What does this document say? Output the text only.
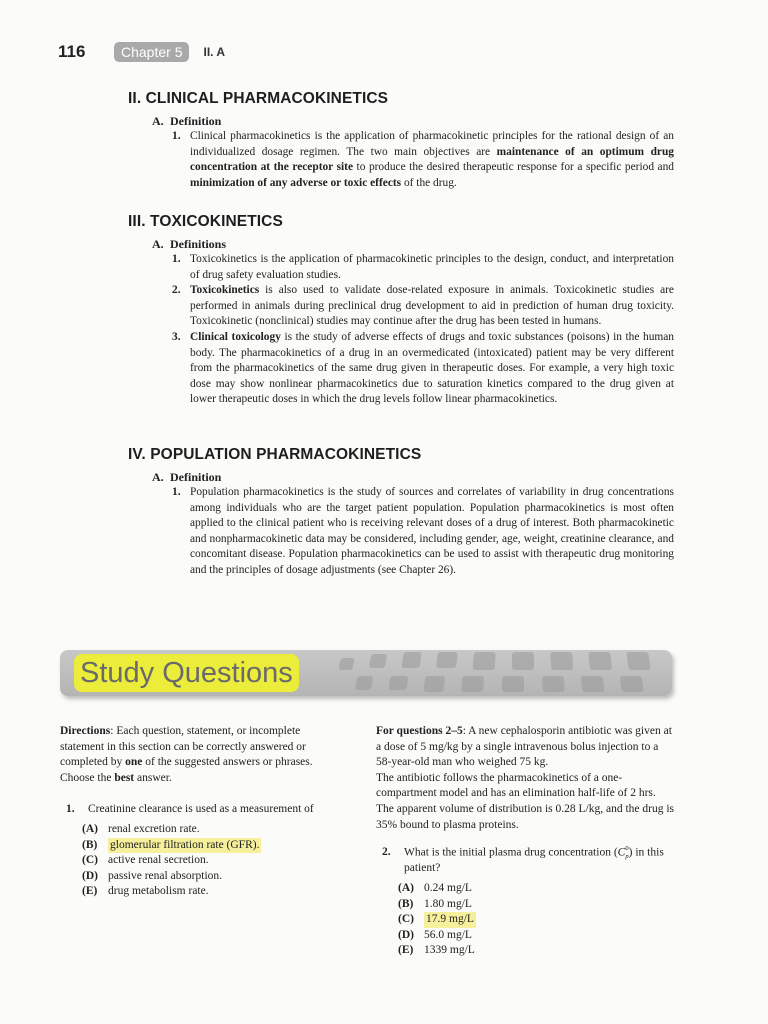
116	Chapter 5	II. A
II. CLINICAL PHARMACOKINETICS
A. Definition
1. Clinical pharmacokinetics is the application of pharmacokinetic principles for the rational design of an individualized dosage regimen. The two main objectives are maintenance of an optimum drug concentration at the receptor site to produce the desired therapeutic response for a specific period and minimization of any adverse or toxic effects of the drug.
III. TOXICOKINETICS
A. Definitions
1. Toxicokinetics is the application of pharmacokinetic principles to the design, conduct, and interpretation of drug safety evaluation studies.
2. Toxicokinetics is also used to validate dose-related exposure in animals. Toxicokinetic studies are performed in animals during preclinical drug development to aid in prediction of human drug toxicity. Toxicokinetic (nonclinical) studies may continue after the drug has been tested in humans.
3. Clinical toxicology is the study of adverse effects of drugs and toxic substances (poisons) in the human body. The pharmacokinetics of a drug in an overmedicated (intoxicated) patient may be very different from the pharmacokinetics of the same drug given in therapeutic doses. For example, a very high toxic dose may show nonlinear pharmacokinetics due to saturation kinetics compared to the drug given at lower therapeutic doses in which the drug levels follow linear pharmacokinetics.
IV. POPULATION PHARMACOKINETICS
A. Definition
1. Population pharmacokinetics is the study of sources and correlates of variability in drug concentrations among individuals who are the target patient population. Population pharmacokinetics is most often applied to the clinical patient who is receiving relevant doses of a drug of interest. Both pharmacokinetic and nonpharmacokinetic data may be considered, including gender, age, weight, creatinine clearance, and concomitant disease. Population pharmacokinetics can be used to assist with therapeutic drug monitoring and the principles of dosage adjustments (see Chapter 26).
Study Questions

Directions: Each question, statement, or incomplete statement in this section can be correctly answered or completed by one of the suggested answers or phrases. Choose the best answer.

1.	Creatinine clearance is used as a measurement of
(A) renal excretion rate.
(B)	glomerular filtration rate (GFR).
(C) active renal secretion.
(D) passive renal absorption.
(E) drug metabolism rate.

For questions 2–5: A new cephalosporin antibiotic was given at a dose of 5 mg/kg by a single intravenous bolus injection to a 58-year-old man who weighed 75 kg.

The antibiotic follows the pharmacokinetics of a one-compartment model and has an elimination half-life of 2 hrs. The apparent volume of distribution is 0.28 L/kg, and the drug is 35% bound to plasma proteins.

2.	What is the initial plasma drug concentration (C 0
p ) in this patient?
(A) 0.24 mg/L
(B) 1.80 mg/L
(C)	17.9 mg/L
(D) 56.0 mg/L
(E) 1339 mg/L
